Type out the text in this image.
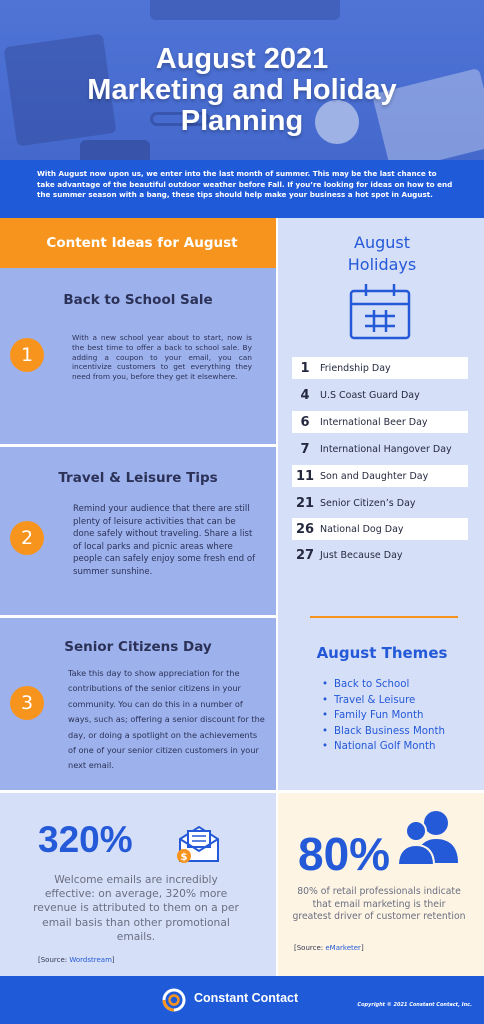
August 2021
Marketing and Holiday
Planning
With August now upon us, we enter into the last month of summer. This may be the last chance to take advantage of the beautiful outdoor weather before Fall. If you’re looking for ideas on how to end the summer season with a bang, these tips should help make your business a hot spot in August.
Content Ideas for August
Back to School Sale
1
With a new school year about to start, now is the best time to offer a back to school sale. By adding a coupon to your email, you can incentivize customers to get everything they need from you, before they get it elsewhere.
Travel & Leisure Tips
2
Remind your audience that there are still plenty of leisure activities that can be done safely without traveling. Share a list of local parks and picnic areas where people can safely enjoy some fresh end of summer sunshine.
Senior Citizens Day
3
Take this day to show appreciation for the contributions of the senior citizens in your community. You can do this in a number of ways, such as; offering a senior discount for the day, or doing a spotlight on the achievements of one of your senior citizen customers in your next email.
August
Holidays
1	Friendship Day
4	U.S Coast Guard Day
6	International Beer Day
7	International Hangover Day
11 Son and Daughter Day
21 Senior Citizen’s Day
26 National Dog Day
27 Just Because Day
August Themes
• Back to School
• Travel & Leisure
• Family Fun Month
• Black Business Month
• National Golf Month
320%	$
Welcome emails are incredibly effective: on average, 320% more revenue is attributed to them on a per email basis than other promotional emails.
[Source: Wordstream]
80%
80% of retail professionals indicate that email marketing is their greatest driver of customer retention
[Source: eMarketer]
Constant Contact	Copyright © 2021 Constant Contact, Inc.
